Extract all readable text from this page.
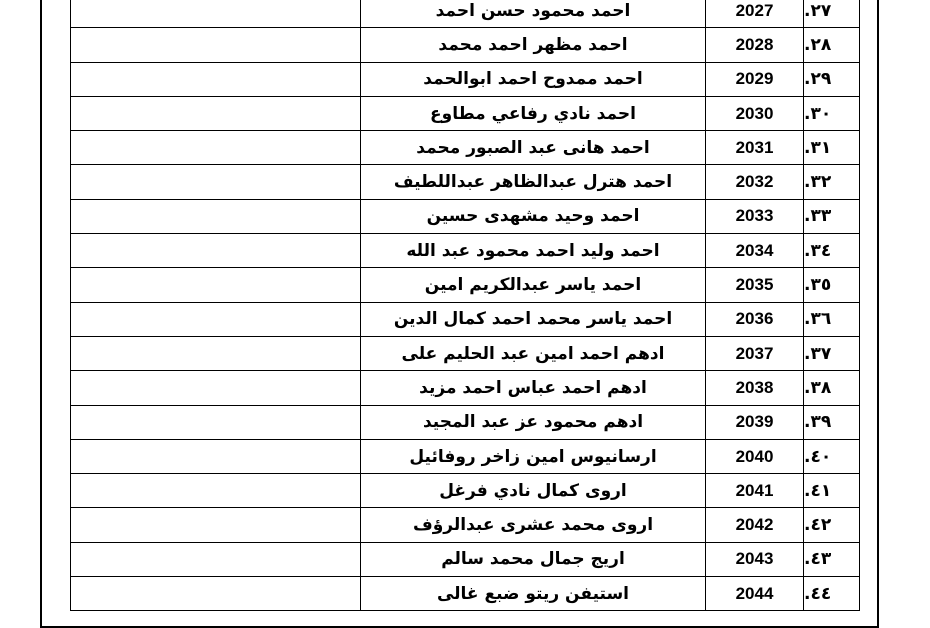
	احمد محمود حسن احمد	2027	.٢٧
	احمد مظهر احمد محمد	2028	.٢٨
	احمد ممدوح احمد ابوالحمد	2029	.٢٩
	احمد نادي رفاعي مطاوع	2030	.٣٠
	احمد هانى عبد الصبور محمد	2031	.٣١
	احمد هترل عبدالظاهر عبداللطيف	2032	.٣٢
	احمد وحيد مشهدى حسين	2033	.٣٣
	احمد وليد احمد محمود عبد الله	2034	.٣٤
	احمد ياسر عبدالكريم امين	2035	.٣٥
	احمد ياسر محمد احمد كمال الدين	2036	.٣٦
	ادهم احمد امين عبد الحليم على	2037	.٣٧
	ادهم احمد عباس احمد مزيد	2038	.٣٨
	ادهم محمود عز عبد المجيد	2039	.٣٩
	ارسانيوس امين زاخر روفائيل	2040	.٤٠
	اروى كمال نادي فرغل	2041	.٤١
	اروى محمد عشرى عبدالرؤف	2042	.٤٢
	اريج جمال محمد سالم	2043	.٤٣
	استيفن ريتو ضبع غالى	2044	.٤٤
